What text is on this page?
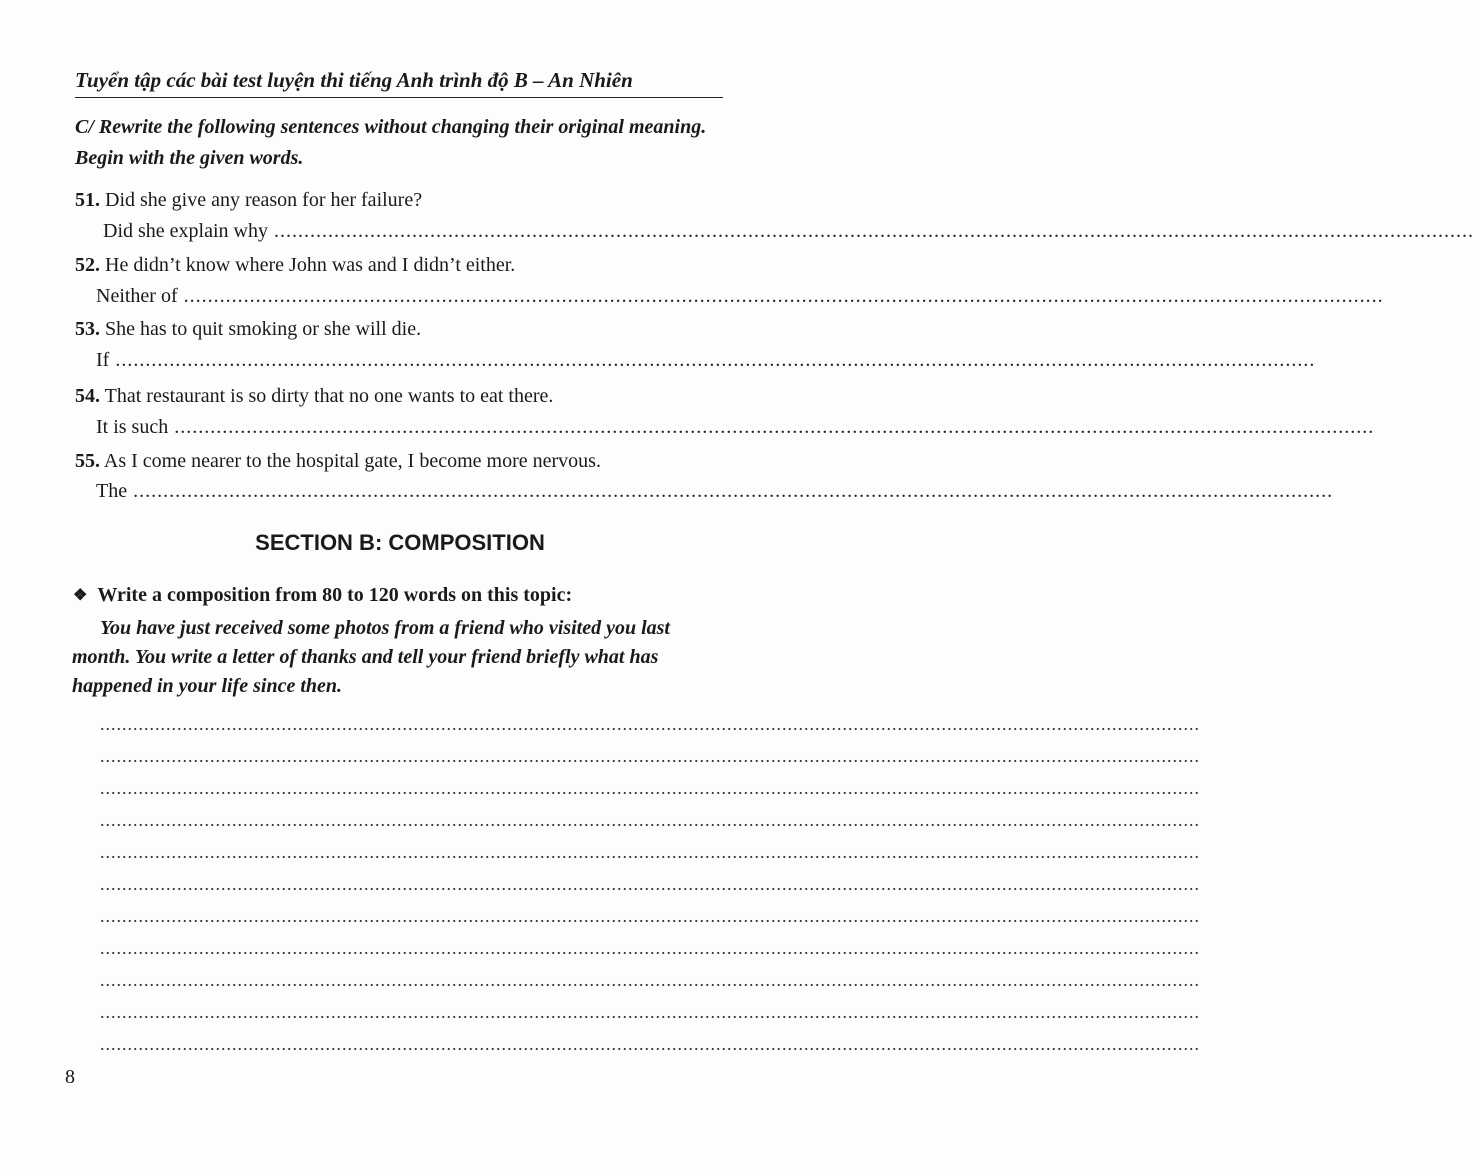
Tuyển tập các bài test luyện thi tiếng Anh trình độ B – An Nhiên
C/ Rewrite the following sentences without changing their original meaning. Begin with the given words.
51. Did she give any reason for her failure?
Did she explain why ........................................................................................................................................................................................................
52. He didn’t know where John was and I didn’t either.
Neither of ........................................................................................................................................................................................................
53. She has to quit smoking or she will die.
If ........................................................................................................................................................................................................
54. That restaurant is so dirty that no one wants to eat there.
It is such ........................................................................................................................................................................................................
55. As I come nearer to the hospital gate, I become more nervous.
The ........................................................................................................................................................................................................
SECTION B: COMPOSITION
❖ Write a composition from 80 to 120 words on this topic:
You have just received some photos from a friend who visited you last month. You write a letter of thanks and tell your friend briefly what has happened in your life since then.
........................................................................................................................................................................................................
........................................................................................................................................................................................................
........................................................................................................................................................................................................
........................................................................................................................................................................................................
........................................................................................................................................................................................................
........................................................................................................................................................................................................
........................................................................................................................................................................................................
........................................................................................................................................................................................................
........................................................................................................................................................................................................
........................................................................................................................................................................................................
........................................................................................................................................................................................................
8
